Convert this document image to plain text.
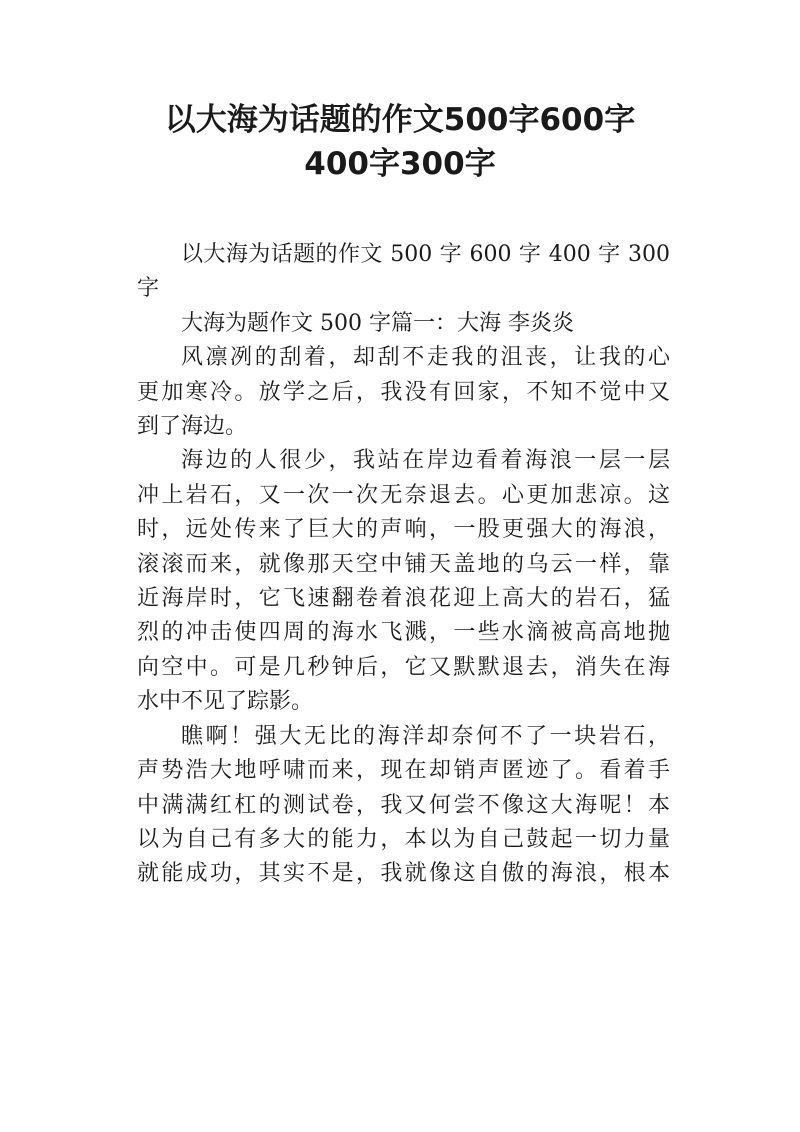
以大海为话题的作文500字600字
400字300字
以大海为话题的作文 500 字 600 字 400 字 300
字
大海为题作文 500 字篇一：大海 李炎炎
风凛冽的刮着，却刮不走我的沮丧，让我的心
更加寒冷。放学之后，我没有回家，不知不觉中又
到了海边。
海边的人很少，我站在岸边看着海浪一层一层
冲上岩石，又一次一次无奈退去。心更加悲凉。这
时，远处传来了巨大的声响，一股更强大的海浪，
滚滚而来，就像那天空中铺天盖地的乌云一样，靠
近海岸时，它飞速翻卷着浪花迎上高大的岩石，猛
烈的冲击使四周的海水飞溅，一些水滴被高高地抛
向空中。可是几秒钟后，它又默默退去，消失在海
水中不见了踪影。
瞧啊！强大无比的海洋却奈何不了一块岩石，
声势浩大地呼啸而来，现在却销声匿迹了。看着手
中满满红杠的测试卷，我又何尝不像这大海呢！本
以为自己有多大的能力，本以为自己鼓起一切力量
就能成功，其实不是，我就像这自傲的海浪，根本
